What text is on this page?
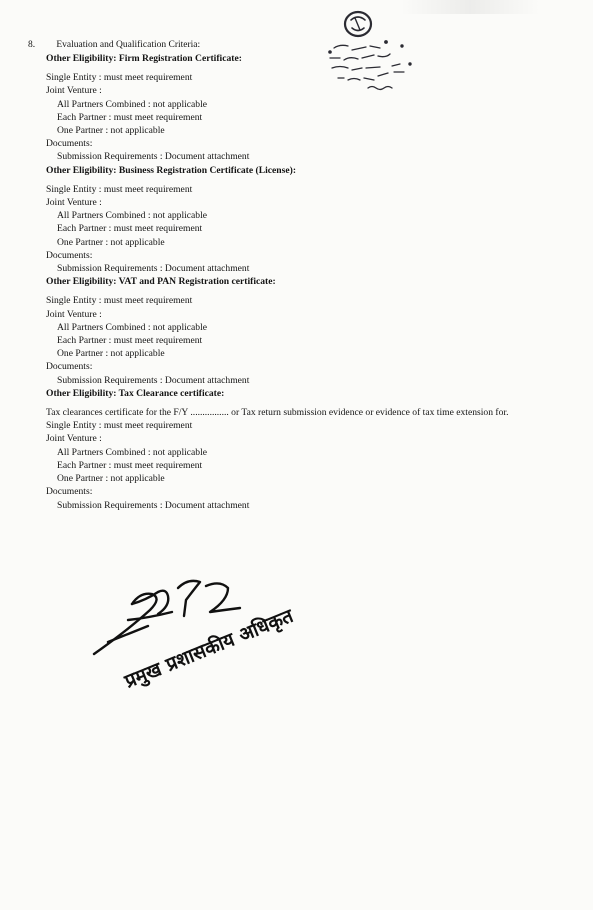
8. Evaluation and Qualification Criteria:
Other Eligibility: Firm Registration Certificate:
Single Entity : must meet requirement
Joint Venture :
All Partners Combined : not applicable
Each Partner : must meet requirement
One Partner : not applicable
Documents:
Submission Requirements : Document attachment
Other Eligibility: Business Registration Certificate (License):
Single Entity : must meet requirement
Joint Venture :
All Partners Combined : not applicable
Each Partner : must meet requirement
One Partner : not applicable
Documents:
Submission Requirements : Document attachment
Other Eligibility: VAT and PAN Registration certificate:
Single Entity : must meet requirement
Joint Venture :
All Partners Combined : not applicable
Each Partner : must meet requirement
One Partner : not applicable
Documents:
Submission Requirements : Document attachment
Other Eligibility: Tax Clearance certificate:
Tax clearances certificate for the F/Y ................ or Tax return submission evidence or evidence of tax time extension for.
Single Entity : must meet requirement
Joint Venture :
All Partners Combined : not applicable
Each Partner : must meet requirement
One Partner : not applicable
Documents:
Submission Requirements : Document attachment
प्रमुख प्रशासकीय अधिकृत
